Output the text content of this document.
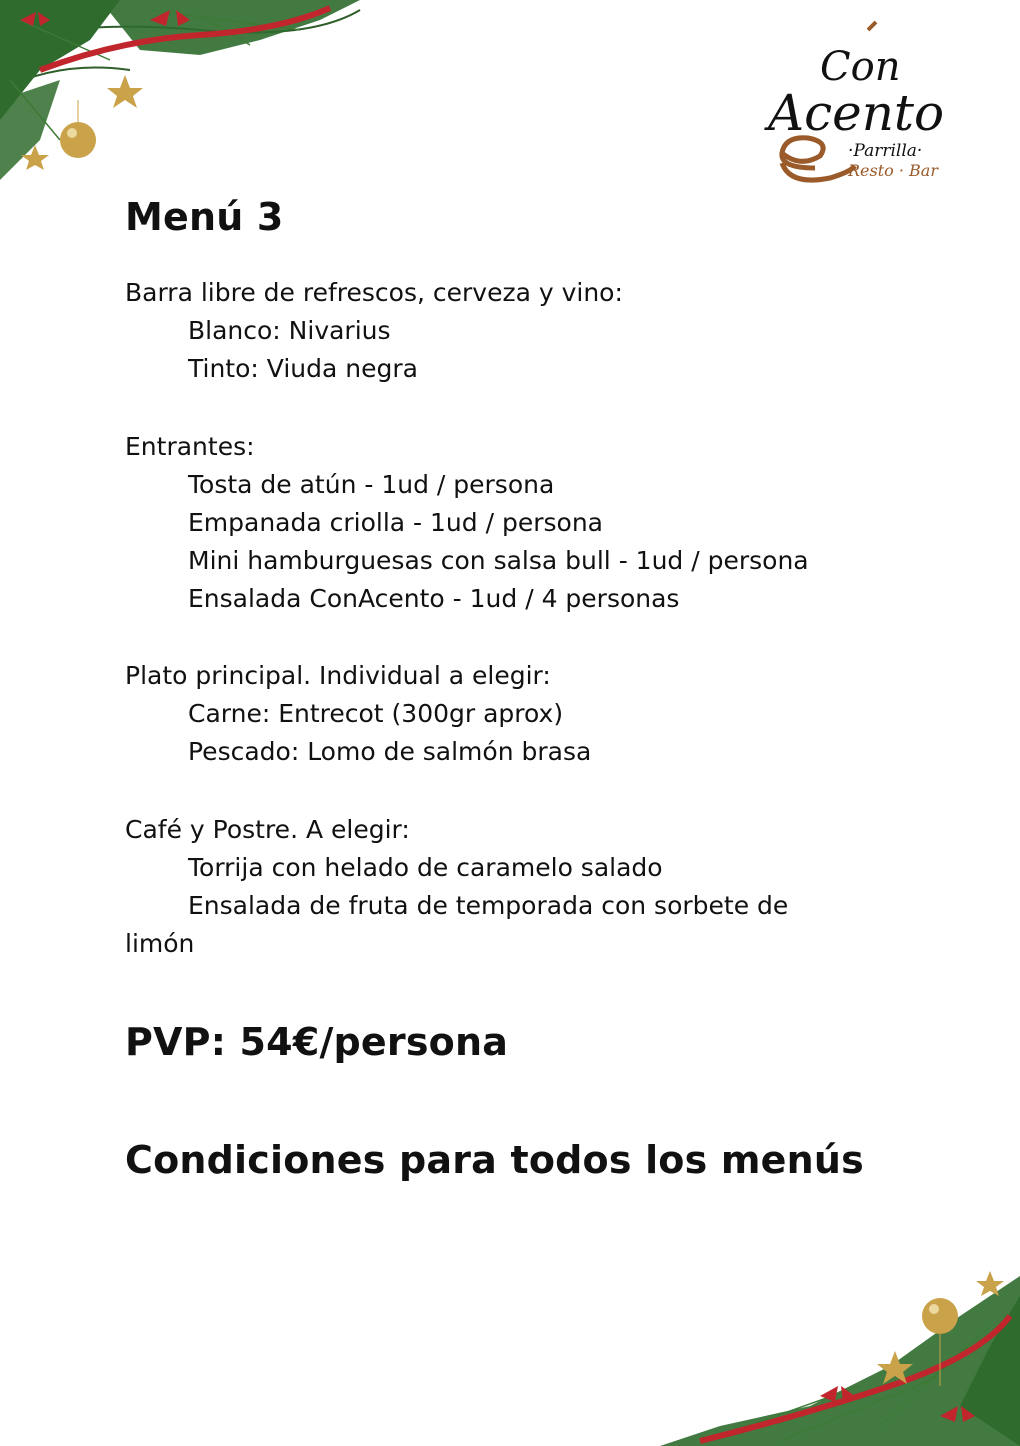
Con
Acento
·Parrilla·
Resto · Bar
Menú 3
Barra libre de refrescos, cerveza y vino:
Blanco: Nivarius
Tinto: Viuda negra
Entrantes:
Tosta de atún - 1ud / persona
Empanada criolla - 1ud / persona
Mini hamburguesas con salsa bull - 1ud / persona
Ensalada ConAcento - 1ud / 4 personas
Plato principal. Individual a elegir:
Carne: Entrecot (300gr aprox)
Pescado: Lomo de salmón brasa
Café y Postre. A elegir:
Torrija con helado de caramelo salado
Ensalada de fruta de temporada con sorbete de limón
PVP: 54€/persona
Condiciones para todos los menús
